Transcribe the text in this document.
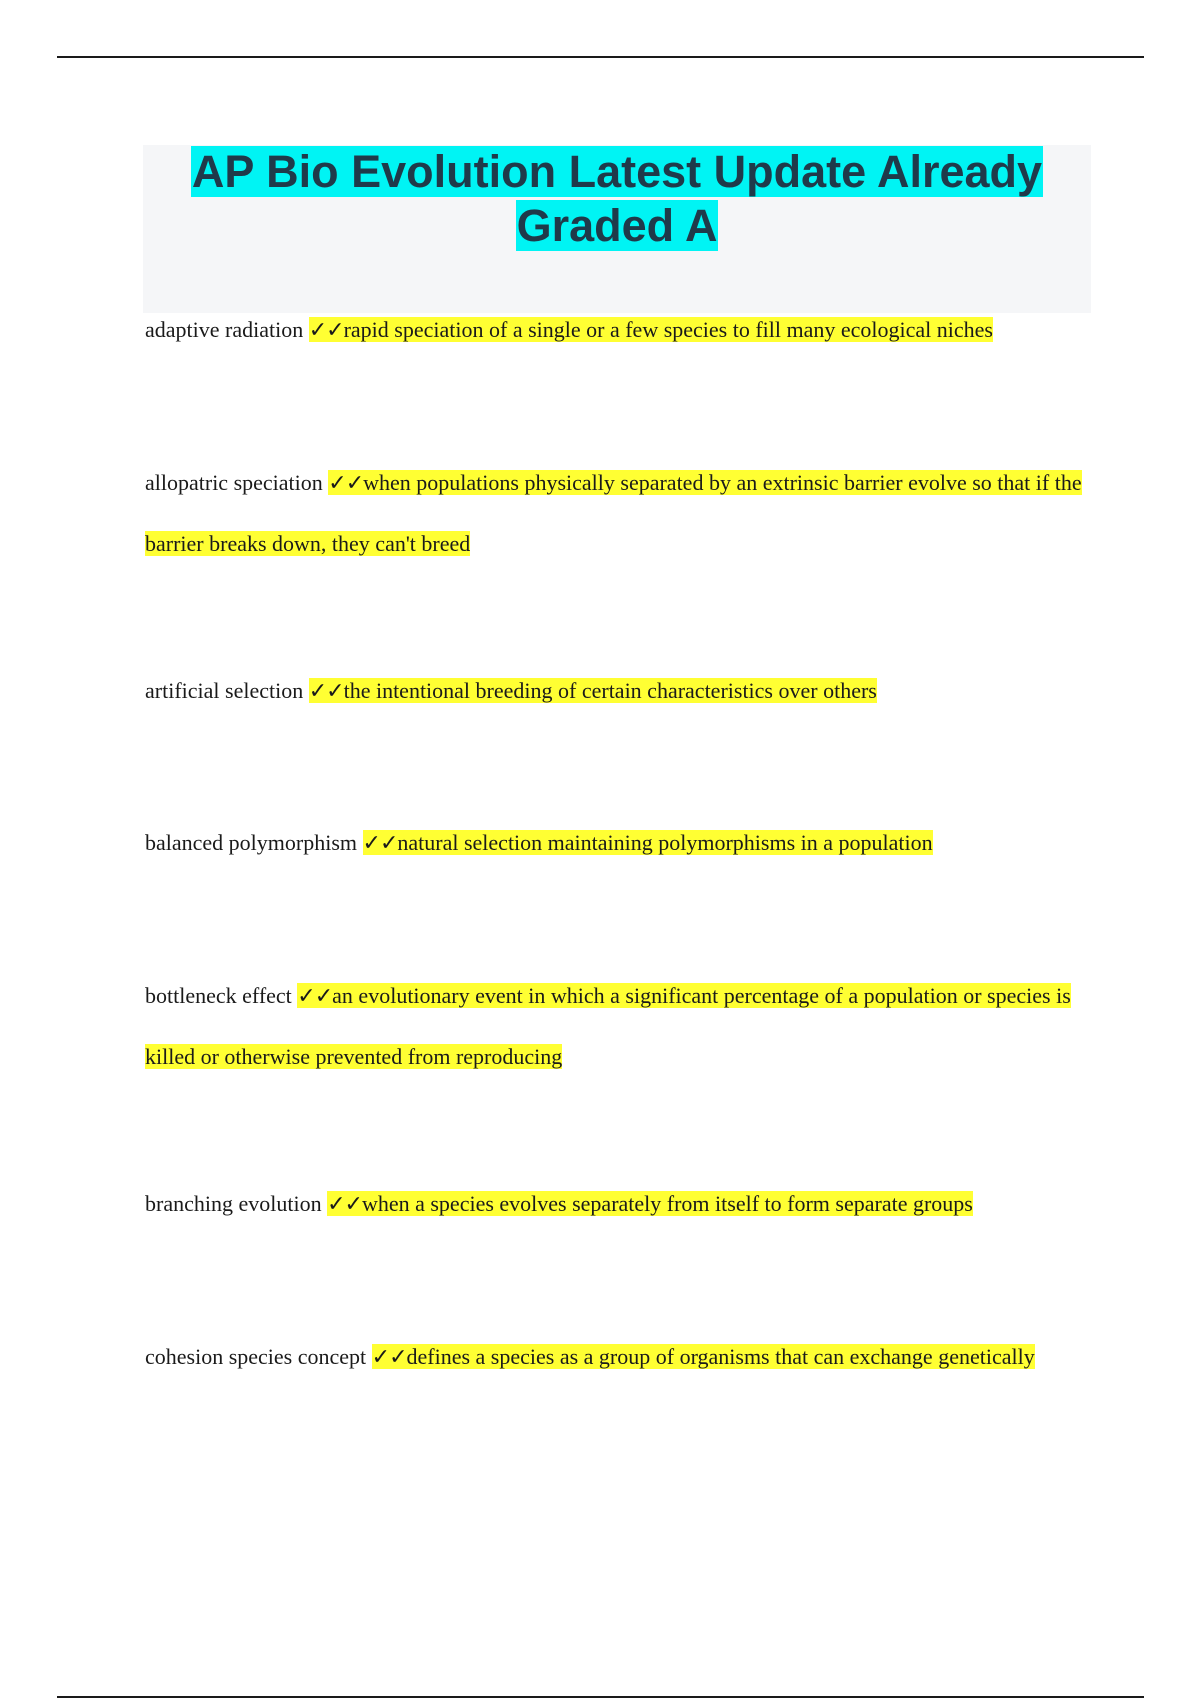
AP Bio Evolution Latest Update Already
Graded A
adaptive radiation ✓✓rapid speciation of a single or a few species to fill many ecological niches
allopatric speciation ✓✓when populations physically separated by an extrinsic barrier evolve so that if the barrier breaks down, they can't breed
artificial selection ✓✓the intentional breeding of certain characteristics over others
balanced polymorphism ✓✓natural selection maintaining polymorphisms in a population
bottleneck effect ✓✓an evolutionary event in which a significant percentage of a population or species is killed or otherwise prevented from reproducing
branching evolution ✓✓when a species evolves separately from itself to form separate groups
cohesion species concept ✓✓defines a species as a group of organisms that can exchange genetically
